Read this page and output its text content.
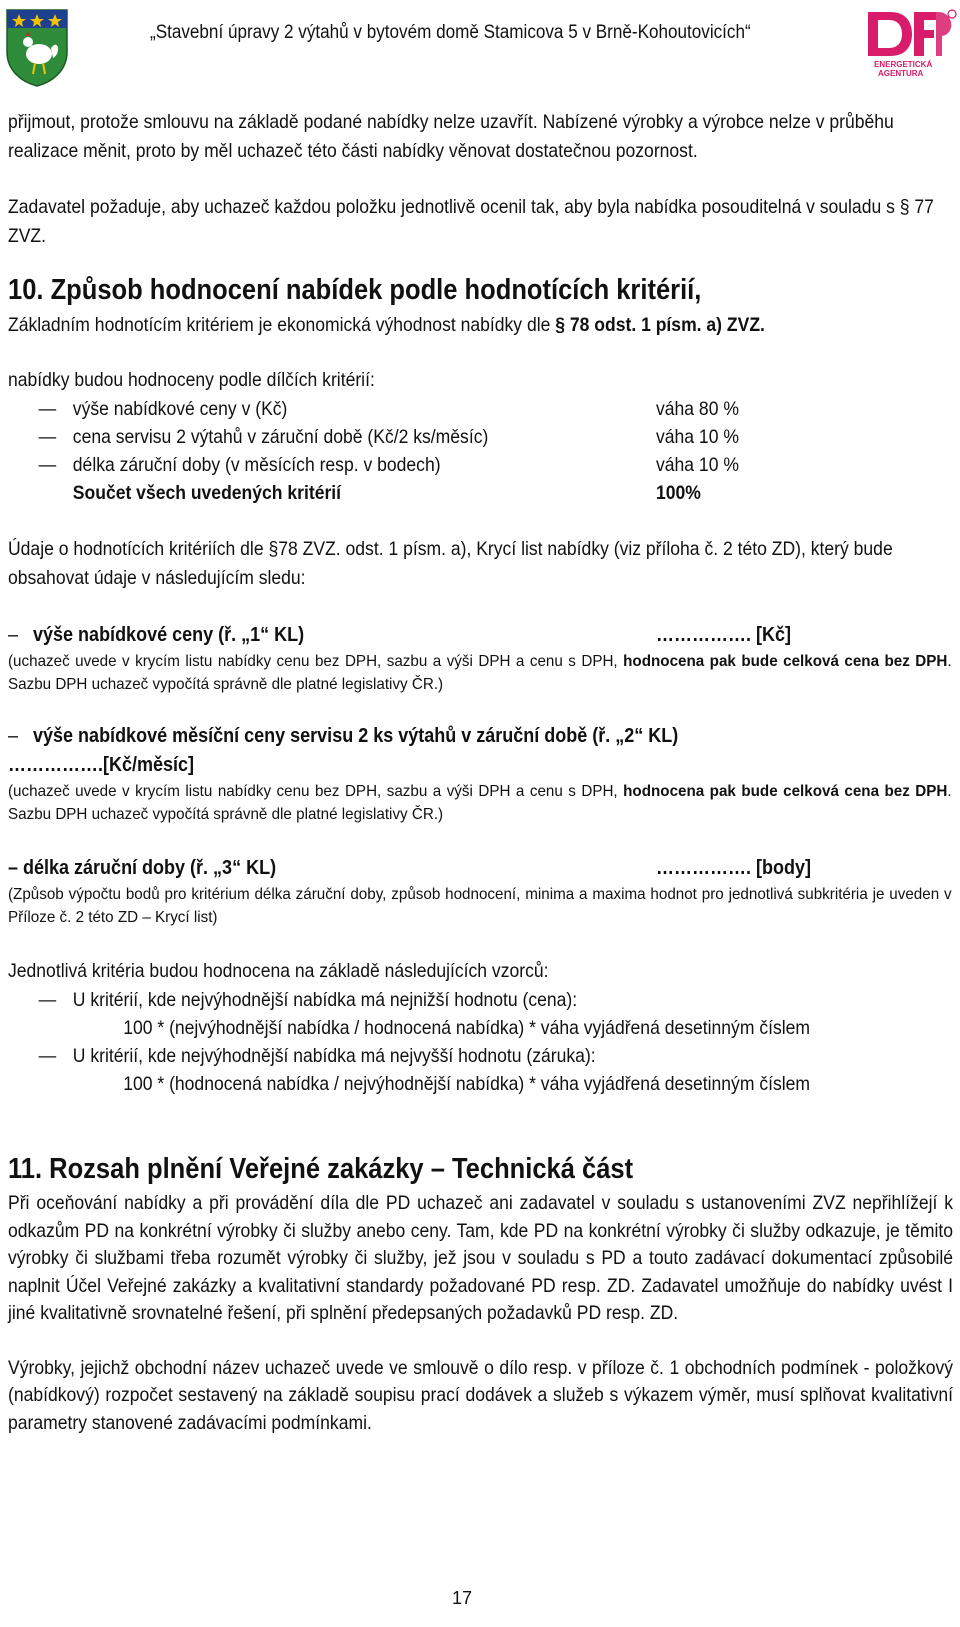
„Stavební úpravy 2 výtahů v bytovém domě Stamicova 5 v Brně-Kohoutovicích“
ENERGETICKÁ
AGENTURA

přijmout, protože smlouvu na základě podané nabídky nelze uzavřít. Nabízené výrobky a výrobce nelze v průběhu realizace měnit, proto by měl uchazeč této části nabídky věnovat dostatečnou pozornost.

Zadavatel požaduje, aby uchazeč každou položku jednotlivě ocenil tak, aby byla nabídka posouditelná v souladu s § 77 ZVZ.

10. Způsob hodnocení nabídek podle hodnotících kritérií,

Základním hodnotícím kritériem je ekonomická výhodnost nabídky dle § 78 odst. 1 písm. a) ZVZ.

nabídky budou hodnoceny podle dílčích kritérií:

— výše nabídkové ceny v (Kč)	váha 80 %
— cena servisu 2 výtahů v záruční době (Kč/2 ks/měsíc)	váha 10 %
— délka záruční doby (v měsících resp. v bodech)	váha 10 %
Součet všech uvedených kritérií	100%

Údaje o hodnotících kritériích dle §78 ZVZ. odst. 1 písm. a), Krycí list nabídky (viz příloha č. 2 této ZD), který bude obsahovat údaje v následujícím sledu:

–   výše nabídkové ceny (ř. „1“ KL)	……………. [Kč]

(uchazeč uvede v krycím listu nabídky cenu bez DPH, sazbu a výši DPH a cenu s DPH, hodnocena pak bude celková cena bez DPH. Sazbu DPH uchazeč vypočítá správně dle platné legislativy ČR.)

–   výše nabídkové měsíční ceny servisu 2 ks výtahů v záruční době (ř. „2“ KL)
…………….[Kč/měsíc]

(uchazeč uvede v krycím listu nabídky cenu bez DPH, sazbu a výši DPH a cenu s DPH, hodnocena pak bude celková cena bez DPH. Sazbu DPH uchazeč vypočítá správně dle platné legislativy ČR.)

– délka záruční doby (ř. „3“ KL)	……………. [body]

(Způsob výpočtu bodů pro kritérium délka záruční doby, způsob hodnocení, minima a maxima hodnot pro jednotlivá subkritéria je uveden v Příloze č. 2 této ZD – Krycí list)

Jednotlivá kritéria budou hodnocena na základě následujících vzorců:

— U kritérií, kde nejvýhodnější nabídka má nejnižší hodnotu (cena):
100 * (nejvýhodnější nabídka / hodnocená nabídka) * váha vyjádřená desetinným číslem
— U kritérií, kde nejvýhodnější nabídka má nejvyšší hodnotu (záruka):
100 * (hodnocená nabídka / nejvýhodnější nabídka) * váha vyjádřená desetinným číslem
11. Rozsah plnění Veřejné zakázky – Technická část

Při oceňování nabídky a při provádění díla dle PD uchazeč ani zadavatel v souladu s ustanoveními ZVZ nepřihlížejí k odkazům PD na konkrétní výrobky či služby anebo ceny. Tam, kde PD na konkrétní výrobky či služby odkazuje, je těmito výrobky či službami třeba rozumět výrobky či služby, jež jsou v souladu s PD a touto zadávací dokumentací způsobilé naplnit Účel Veřejné zakázky a kvalitativní standardy požadované PD resp. ZD. Zadavatel umožňuje do nabídky uvést I jiné kvalitativně srovnatelné řešení, při splnění předepsaných požadavků PD resp. ZD.

Výrobky, jejichž obchodní název uchazeč uvede ve smlouvě o dílo resp. v příloze č. 1 obchodních podmínek - položkový (nabídkový) rozpočet sestavený na základě soupisu prací dodávek a služeb s výkazem výměr, musí splňovat kvalitativní parametry stanovené zadávacími podmínkami.

17
